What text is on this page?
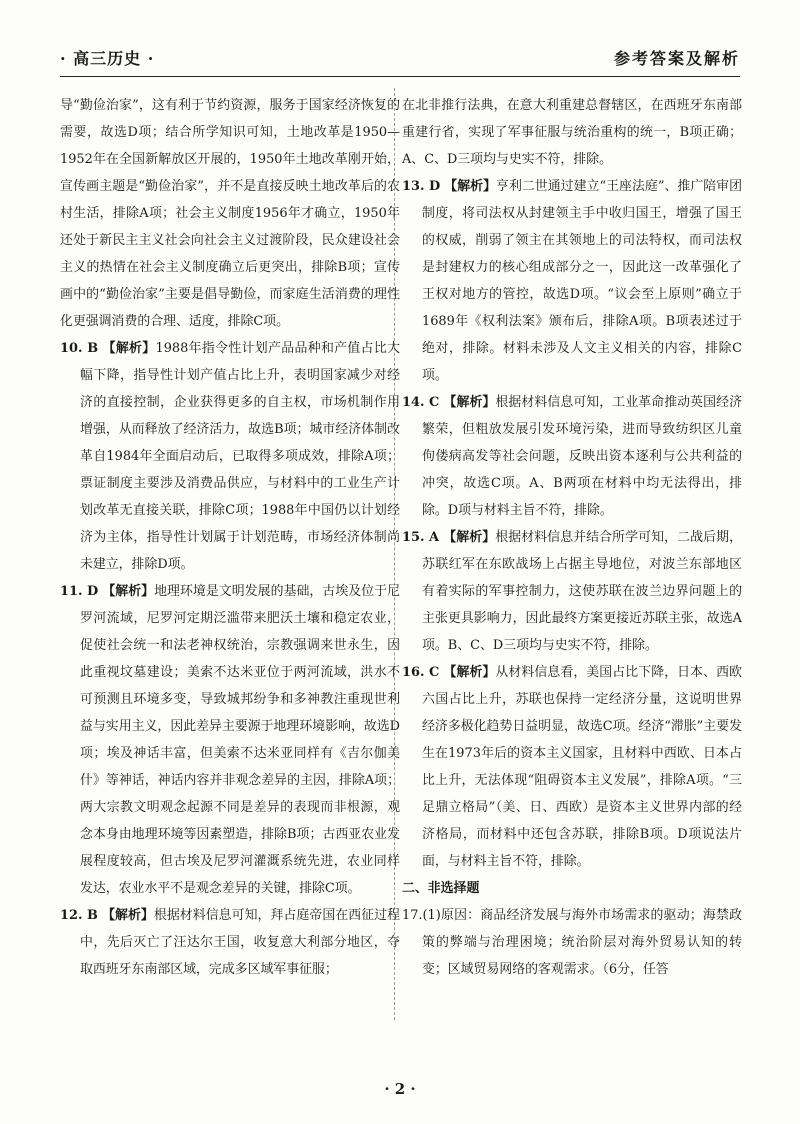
· 高三历史 ·	参考答案及解析

导“勤俭治家”，这有利于节约资源，服务于国家经济恢复的需要，故选D项；结合所学知识可知，土地改革是1950—1952年在全国新解放区开展的，1950年土地改革刚开始，宣传画主题是“勤俭治家”，并不是直接反映土地改革后的农村生活，排除A项；社会主义制度1956年才确立，1950年还处于新民主主义社会向社会主义过渡阶段，民众建设社会主义的热情在社会主义制度确立后更突出，排除B项；宣传画中的“勤俭治家”主要是倡导勤俭，而家庭生活消费的理性化更强调消费的合理、适度，排除C项。

10. B 【解析】1988年指令性计划产品品种和产值占比大幅下降，指导性计划产值占比上升，表明国家减少对经济的直接控制，企业获得更多的自主权，市场机制作用增强，从而释放了经济活力，故选B项；城市经济体制改革自1984年全面启动后，已取得多项成效，排除A项；票证制度主要涉及消费品供应，与材料中的工业生产计划改革无直接关联，排除C项；1988年中国仍以计划经济为主体，指导性计划属于计划范畴，市场经济体制尚未建立，排除D项。

11. D 【解析】地理环境是文明发展的基础，古埃及位于尼罗河流域，尼罗河定期泛滥带来肥沃土壤和稳定农业，促使社会统一和法老神权统治，宗教强调来世永生，因此重视坟墓建设；美索不达米亚位于两河流域，洪水不可预测且环境多变，导致城邦纷争和多神教注重现世利益与实用主义，因此差异主要源于地理环境影响，故选D项；埃及神话丰富，但美索不达米亚同样有《吉尔伽美什》等神话，神话内容并非观念差异的主因，排除A项；两大宗教文明观念起源不同是差异的表现而非根源，观念本身由地理环境等因素塑造，排除B项；古西亚农业发展程度较高，但古埃及尼罗河灌溉系统先进，农业同样发达，农业水平不是观念差异的关键，排除C项。

12. B 【解析】根据材料信息可知，拜占庭帝国在西征过程中，先后灭亡了汪达尔王国，收复意大利部分地区，夺取西班牙东南部区域，完成多区域军事征服；

在北非推行法典，在意大利重建总督辖区，在西班牙东南部重建行省，实现了军事征服与统治重构的统一，B项正确；A、C、D三项均与史实不符，排除。

13. D 【解析】亨利二世通过建立“王座法庭”、推广陪审团制度，将司法权从封建领主手中收归国王，增强了国王的权威，削弱了领主在其领地上的司法特权，而司法权是封建权力的核心组成部分之一，因此这一改革强化了王权对地方的管控，故选D项。“议会至上原则”确立于1689年《权利法案》颁布后，排除A项。B项表述过于绝对，排除。材料未涉及人文主义相关的内容，排除C项。

14. C 【解析】根据材料信息可知，工业革命推动英国经济繁荣，但粗放发展引发环境污染，进而导致纺织区儿童佝偻病高发等社会问题，反映出资本逐利与公共利益的冲突，故选C项。A、B两项在材料中均无法得出，排除。D项与材料主旨不符，排除。

15. A 【解析】根据材料信息并结合所学可知，二战后期，苏联红军在东欧战场上占据主导地位，对波兰东部地区有着实际的军事控制力，这使苏联在波兰边界问题上的主张更具影响力，因此最终方案更接近苏联主张，故选A项。B、C、D三项均与史实不符，排除。

16. C 【解析】从材料信息看，美国占比下降，日本、西欧六国占比上升，苏联也保持一定经济分量，这说明世界经济多极化趋势日益明显，故选C项。经济“滞胀”主要发生在1973年后的资本主义国家，且材料中西欧、日本占比上升，无法体现“阻碍资本主义发展”，排除A项。“三足鼎立格局”（美、日、西欧）是资本主义世界内部的经济格局，而材料中还包含苏联，排除B项。D项说法片面，与材料主旨不符，排除。

二、非选择题

17.(1)原因：商品经济发展与海外市场需求的驱动；海禁政策的弊端与治理困境；统治阶层对海外贸易认知的转变；区域贸易网络的客观需求。（6分，任答

· 2 ·
